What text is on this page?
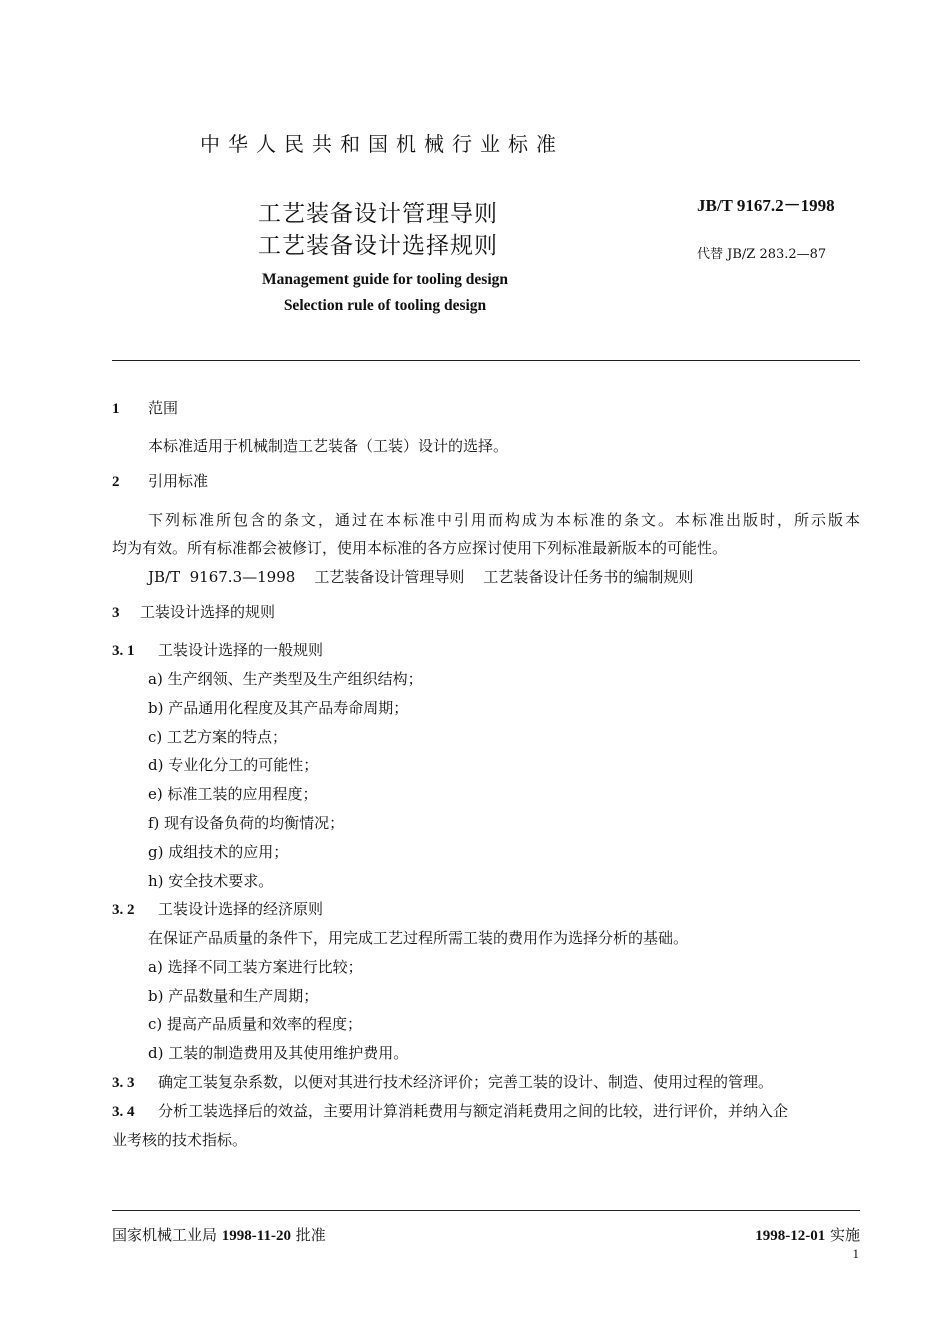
中华人民共和国机械行业标准
工艺装备设计管理导则
工艺装备设计选择规则
Management guide for tooling design
Selection rule of tooling design
JB/T 9167.2－1998
代替 JB/Z 283.2—87
1 范围
本标准适用于机械制造工艺装备（工装）设计的选择。
2 引用标准
下列标准所包含的条文，通过在本标准中引用而构成为本标准的条文。本标准出版时，所示版本
均为有效。所有标准都会被修订，使用本标准的各方应探讨使用下列标准最新版本的可能性。
JB/T  9167.3—1998    工艺装备设计管理导则    工艺装备设计任务书的编制规则
3 工装设计选择的规则
3. 1 工装设计选择的一般规则
a) 生产纲领、生产类型及生产组织结构；
b) 产品通用化程度及其产品寿命周期；
c) 工艺方案的特点；
d) 专业化分工的可能性；
e) 标准工装的应用程度；
f) 现有设备负荷的均衡情况；
g) 成组技术的应用；
h) 安全技术要求。
3. 2 工装设计选择的经济原则
在保证产品质量的条件下，用完成工艺过程所需工装的费用作为选择分析的基础。
a) 选择不同工装方案进行比较；
b) 产品数量和生产周期；
c) 提高产品质量和效率的程度；
d) 工装的制造费用及其使用维护费用。
3. 3 确定工装复杂系数，以便对其进行技术经济评价；完善工装的设计、制造、使用过程的管理。
3. 4 分析工装选择后的效益，主要用计算消耗费用与额定消耗费用之间的比较，进行评价，并纳入企
业考核的技术指标。
国家机械工业局 1998-11-20 批准	1998-12-01 实施
1
